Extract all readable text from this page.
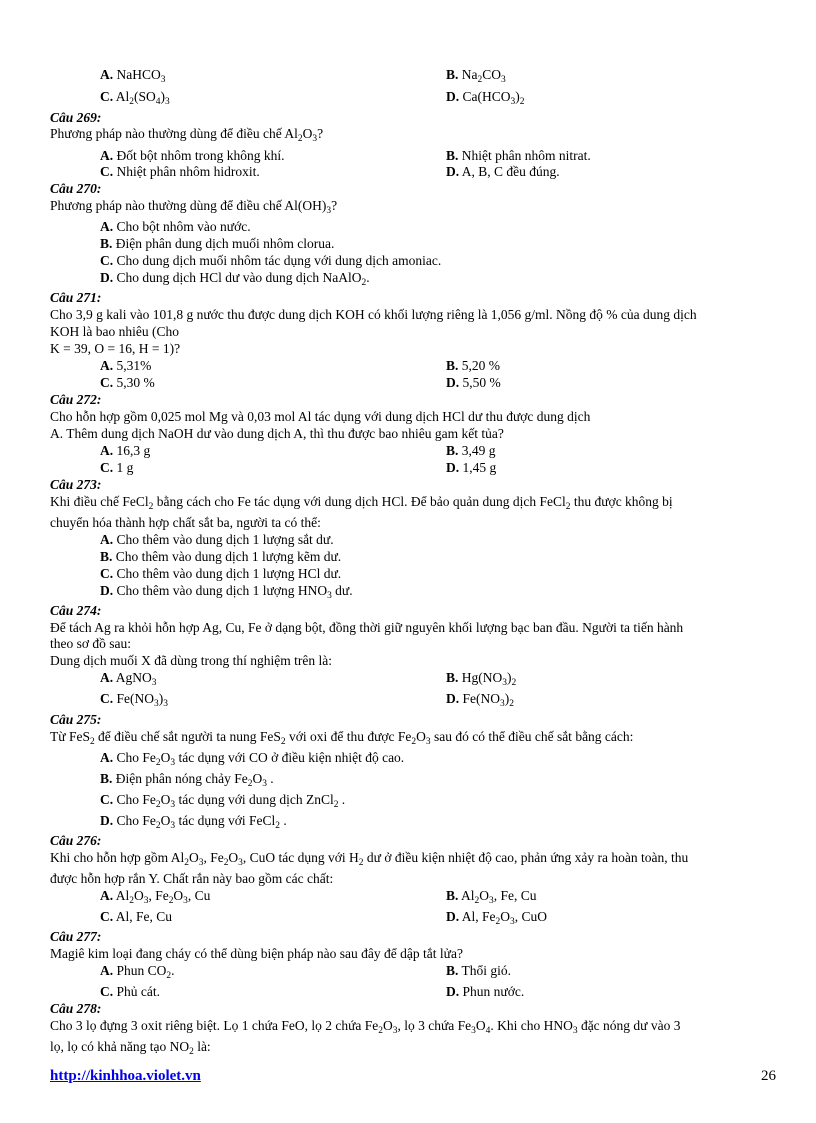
A. NaHCO$_3$	B. $Na_2CO_3$
C. $Al_2(SO_4)_3$	D. $Ca(HCO_3)_2$
Câu 269:
Phương pháp nào thường dùng để điều chế $Al_2O_3$?
A. Đốt bột nhôm trong không khí.	B. Nhiệt phân nhôm nitrat.
C. Nhiệt phân nhôm hidroxit.	D. A, B, C đều đúng.
Câu 270:
Phương pháp nào thường dùng để điều chế $Al(OH)_3$?
A. Cho bột nhôm vào nước.
B. Điện phân dung dịch muối nhôm clorua.
C. Cho dung dịch muối nhôm tác dụng với dung dịch amoniac.
D. Cho dung dịch HCl dư vào dung dịch NaAlO$_2$.
Câu 271:
Cho 3,9 g kali vào 101,8 g nước thu được dung dịch KOH có khối lượng riêng là 1,056 g/ml. Nồng độ % của dung dịch
KOH là bao nhiêu (Cho
K = 39, O = 16, H = 1)?
A. 5,31%	B. 5,20 %
C. 5,30 %	D. 5,50 %
Câu 272:
Cho hỗn hợp gồm 0,025 mol Mg và 0,03 mol Al tác dụng với dung dịch HCl dư thu được dung dịch
A. Thêm dung dịch NaOH dư vào dung dịch A, thì thu được bao nhiêu gam kết tủa?
A. 16,3 g	B. 3,49 g
C. 1 g	D. 1,45 g
Câu 273:
Khi điều chế FeCl$_2$ bằng cách cho Fe tác dụng với dung dịch HCl. Để bảo quản dung dịch FeCl$_2$ thu được không bị
chuyển hóa thành hợp chất sắt ba, người ta có thể:
A. Cho thêm vào dung dịch 1 lượng sắt dư.
B. Cho thêm vào dung dịch 1 lượng kẽm dư.
C. Cho thêm vào dung dịch 1 lượng HCl dư.
D. Cho thêm vào dung dịch 1 lượng $HNO_3$ dư.
Câu 274:
Để tách Ag ra khỏi hỗn hợp Ag, Cu, Fe ở dạng bột, đồng thời giữ nguyên khối lượng bạc ban đầu. Người ta tiến hành
theo sơ đồ sau:
Dung dịch muối X đã dùng trong thí nghiệm trên là:
A. AgNO$_3$	B. $Hg(NO_3)_2$
C. $Fe(NO_3)_3$	D. $Fe(NO_3)_2$
Câu 275:
Từ FeS$_2$ để điều chế sắt người ta nung FeS$_2$ với oxi để thu được $Fe_2O_3$ sau đó có thể điều chế sắt bằng cách:
A. Cho $Fe_2O_3$ tác dụng với CO ở điều kiện nhiệt độ cao.
B. Điện phân nóng chảy $Fe_2O_3$ .
C. Cho $Fe_2O_3$ tác dụng với dung dịch ZnCl$_2$ .
D. Cho $Fe_2O_3$ tác dụng với FeCl$_2$ .
Câu 276:
Khi cho hỗn hợp gồm $Al_2O_3$, $Fe_2O_3$, CuO tác dụng với $H_2$ dư ở điều kiện nhiệt độ cao, phản ứng xảy ra hoàn toàn, thu
được hỗn hợp rắn Y. Chất rắn này bao gồm các chất:
A. $Al_2O_3$, $Fe_2O_3$, Cu	B. $Al_2O_3$, Fe, Cu
C. Al, Fe, Cu	D. Al, $Fe_2O_3$, CuO
Câu 277:
Magiê kim loại đang cháy có thể dùng biện pháp nào sau đây để dập tắt lửa?
A. Phun $CO_2$.	B. Thổi gió.
C. Phủ cát.	D. Phun nước.
Câu 278:
Cho 3 lọ đựng 3 oxit riêng biệt. Lọ 1 chứa FeO, lọ 2 chứa $Fe_2O_3$, lọ 3 chứa $Fe_3O_4$. Khi cho $HNO_3$ đặc nóng dư vào 3
lọ, lọ có khả năng tạo $NO_2$ là:
http://kinhhoa.violet.vn	26
